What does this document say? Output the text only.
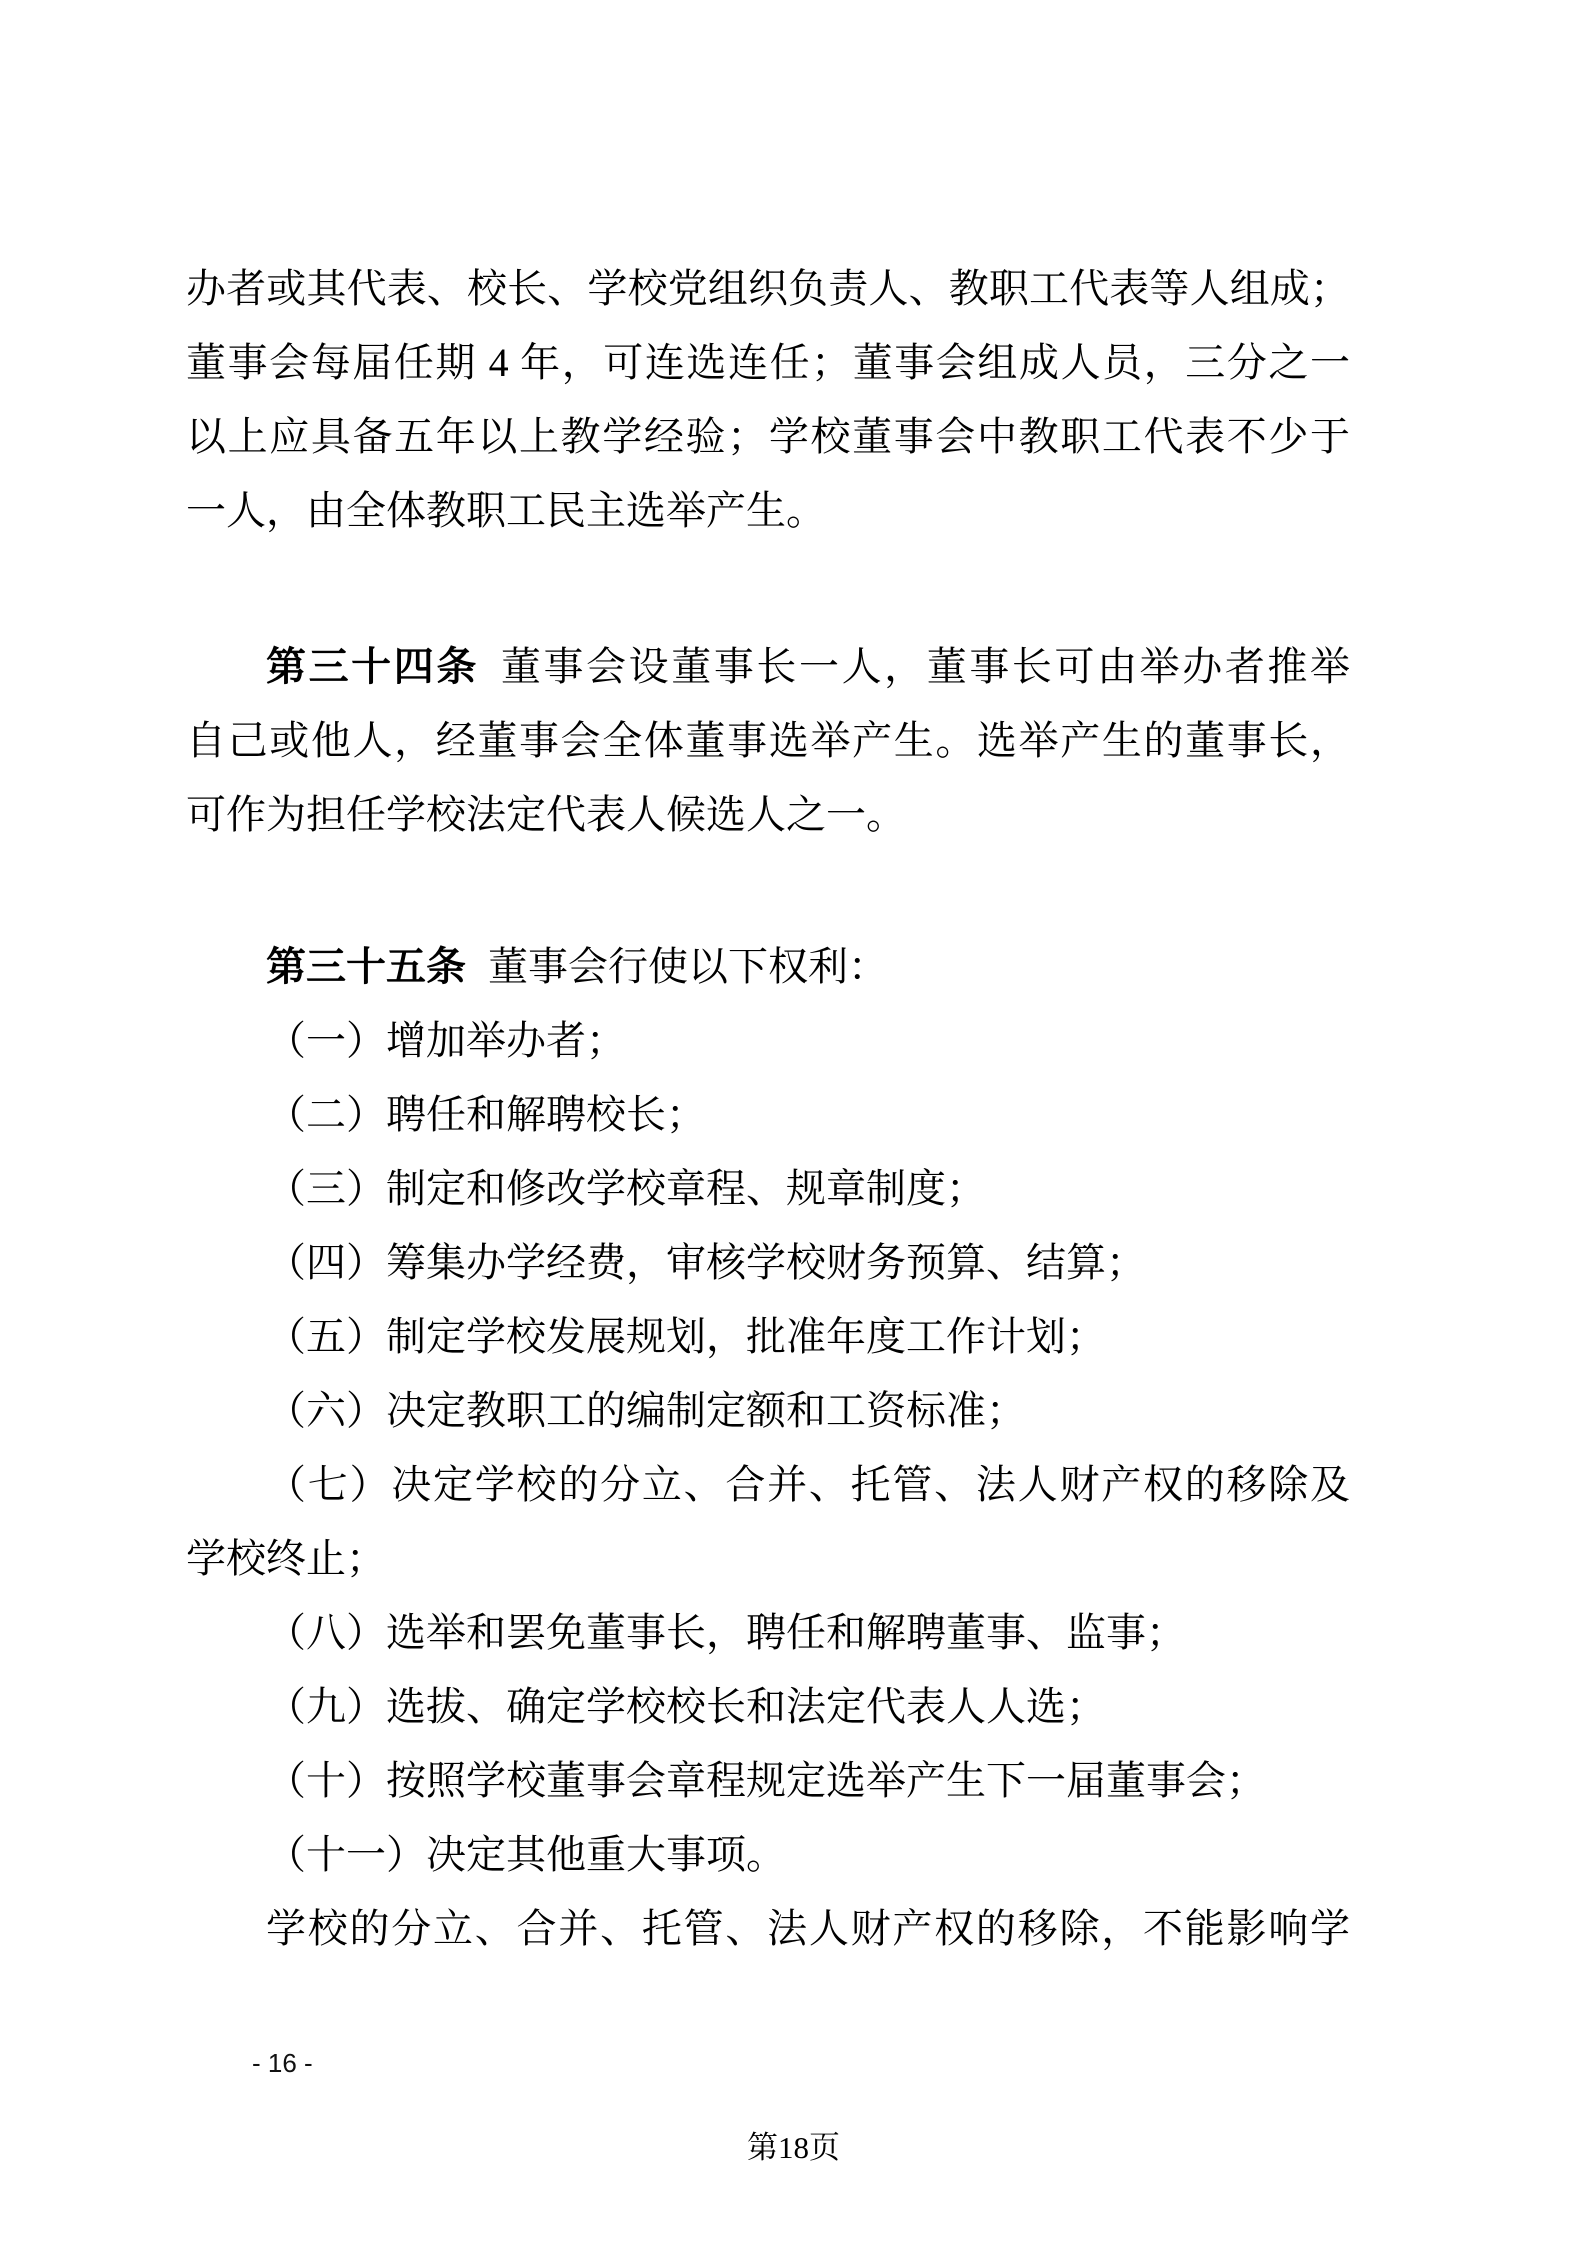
办者或其代表、校长、学校党组织负责人、教职工代表等人组成；
董事会每届任期 4 年，可连选连任；董事会组成人员，三分之一
以上应具备五年以上教学经验；学校董事会中教职工代表不少于
一人，由全体教职工民主选举产生。
第三十四条 董事会设董事长一人，董事长可由举办者推举
自己或他人，经董事会全体董事选举产生。选举产生的董事长，
可作为担任学校法定代表人候选人之一。
第三十五条 董事会行使以下权利：
（一）增加举办者；
（二）聘任和解聘校长；
（三）制定和修改学校章程、规章制度；
（四）筹集办学经费，审核学校财务预算、结算；
（五）制定学校发展规划，批准年度工作计划；
（六）决定教职工的编制定额和工资标准；
（七）决定学校的分立、合并、托管、法人财产权的移除及
学校终止；
（八）选举和罢免董事长，聘任和解聘董事、监事；
（九）选拔、确定学校校长和法定代表人人选；
（十）按照学校董事会章程规定选举产生下一届董事会；
（十一）决定其他重大事项。
学校的分立、合并、托管、法人财产权的移除，不能影响学
- 16 -
第18页
